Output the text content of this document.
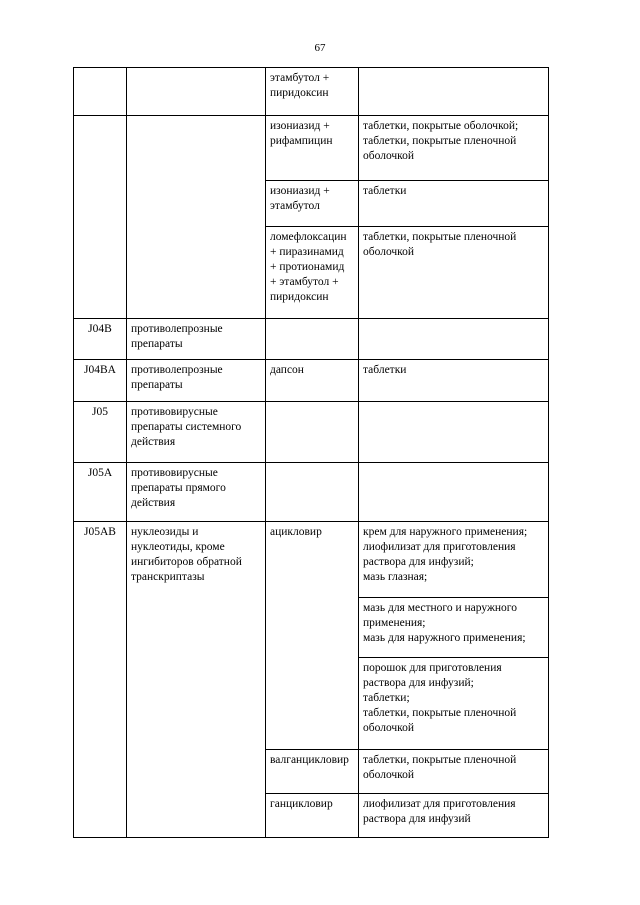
67

		этамбутол +
пиридоксин	

		изониазид +
рифампицин	таблетки, покрытые оболочкой;
таблетки, покрытые пленочной
оболочкой

		изониазид +
этамбутол	таблетки

		ломефлоксацин
+ пиразинамид
+ протионамид
+ этамбутол +
пиридоксин	таблетки, покрытые пленочной
оболочкой

J04B	противолепрозные
препараты		

J04BA	противолепрозные
препараты	дапсон	таблетки

J05	противовирусные
препараты системного
действия		

J05A	противовирусные
препараты прямого
действия		

J05AB	нуклеозиды и
нуклеотиды, кроме
ингибиторов обратной
транскриптазы	ацикловир	крем для наружного применения;
лиофилизат для приготовления
раствора для инфузий;
мазь глазная;

			мазь для местного и наружного
применения;
мазь для наружного применения;

			порошок для приготовления
раствора для инфузий;
таблетки;
таблетки, покрытые пленочной
оболочкой

		валганцикловир	таблетки, покрытые пленочной
оболочкой

		ганцикловир	лиофилизат для приготовления
раствора для инфузий
